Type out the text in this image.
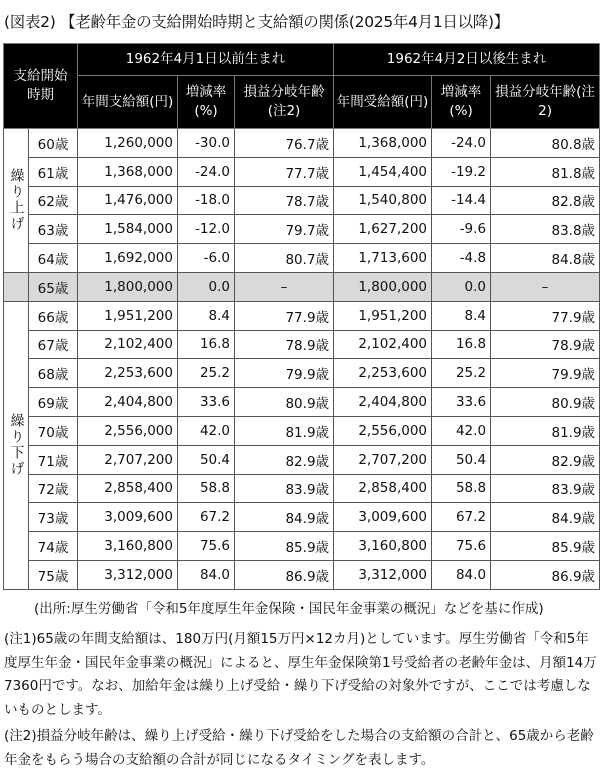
(図表2) 【老齢年金の支給開始時期と支給額の関係(2025年4月1日以降)】
支給開始時期		1962年4月1日以前生まれ			1962年4月2日以後生まれ		
		年間支給額(円)	増減率(%)	損益分岐年齢(注2)	年間受給額(円)	増減率(%)	損益分岐年齢(注2)
繰り上げ	60歳	1,260,000	-30.0	76.7歳	1,368,000	-24.0	80.8歳
	61歳	1,368,000	-24.0	77.7歳	1,454,400	-19.2	81.8歳
	62歳	1,476,000	-18.0	78.7歳	1,540,800	-14.4	82.8歳
	63歳	1,584,000	-12.0	79.7歳	1,627,200	-9.6	83.8歳
	64歳	1,692,000	-6.0	80.7歳	1,713,600	-4.8	84.8歳
	65歳	1,800,000	0.0	–	1,800,000	0.0	–
繰り下げ	66歳	1,951,200	8.4	77.9歳	1,951,200	8.4	77.9歳
	67歳	2,102,400	16.8	78.9歳	2,102,400	16.8	78.9歳
	68歳	2,253,600	25.2	79.9歳	2,253,600	25.2	79.9歳
	69歳	2,404,800	33.6	80.9歳	2,404,800	33.6	80.9歳
	70歳	2,556,000	42.0	81.9歳	2,556,000	42.0	81.9歳
	71歳	2,707,200	50.4	82.9歳	2,707,200	50.4	82.9歳
	72歳	2,858,400	58.8	83.9歳	2,858,400	58.8	83.9歳
	73歳	3,009,600	67.2	84.9歳	3,009,600	67.2	84.9歳
	74歳	3,160,800	75.6	85.9歳	3,160,800	75.6	85.9歳
	75歳	3,312,000	84.0	86.9歳	3,312,000	84.0	86.9歳
(出所:厚生労働省「令和5年度厚生年金保険・国民年金事業の概況」などを基に作成)
(注1)65歳の年間支給額は、180万円(月額15万円×12カ月)としています。厚生労働省「令和5年度厚生年金・国民年金事業の概況」によると、厚生年金保険第1号受給者の老齢年金は、月額14万7360円です。なお、加給年金は繰り上げ受給・繰り下げ受給の対象外ですが、ここでは考慮しないものとします。
(注2)損益分岐年齢は、繰り上げ受給・繰り下げ受給をした場合の支給額の合計と、65歳から老齢年金をもらう場合の支給額の合計が同じになるタイミングを表します。
